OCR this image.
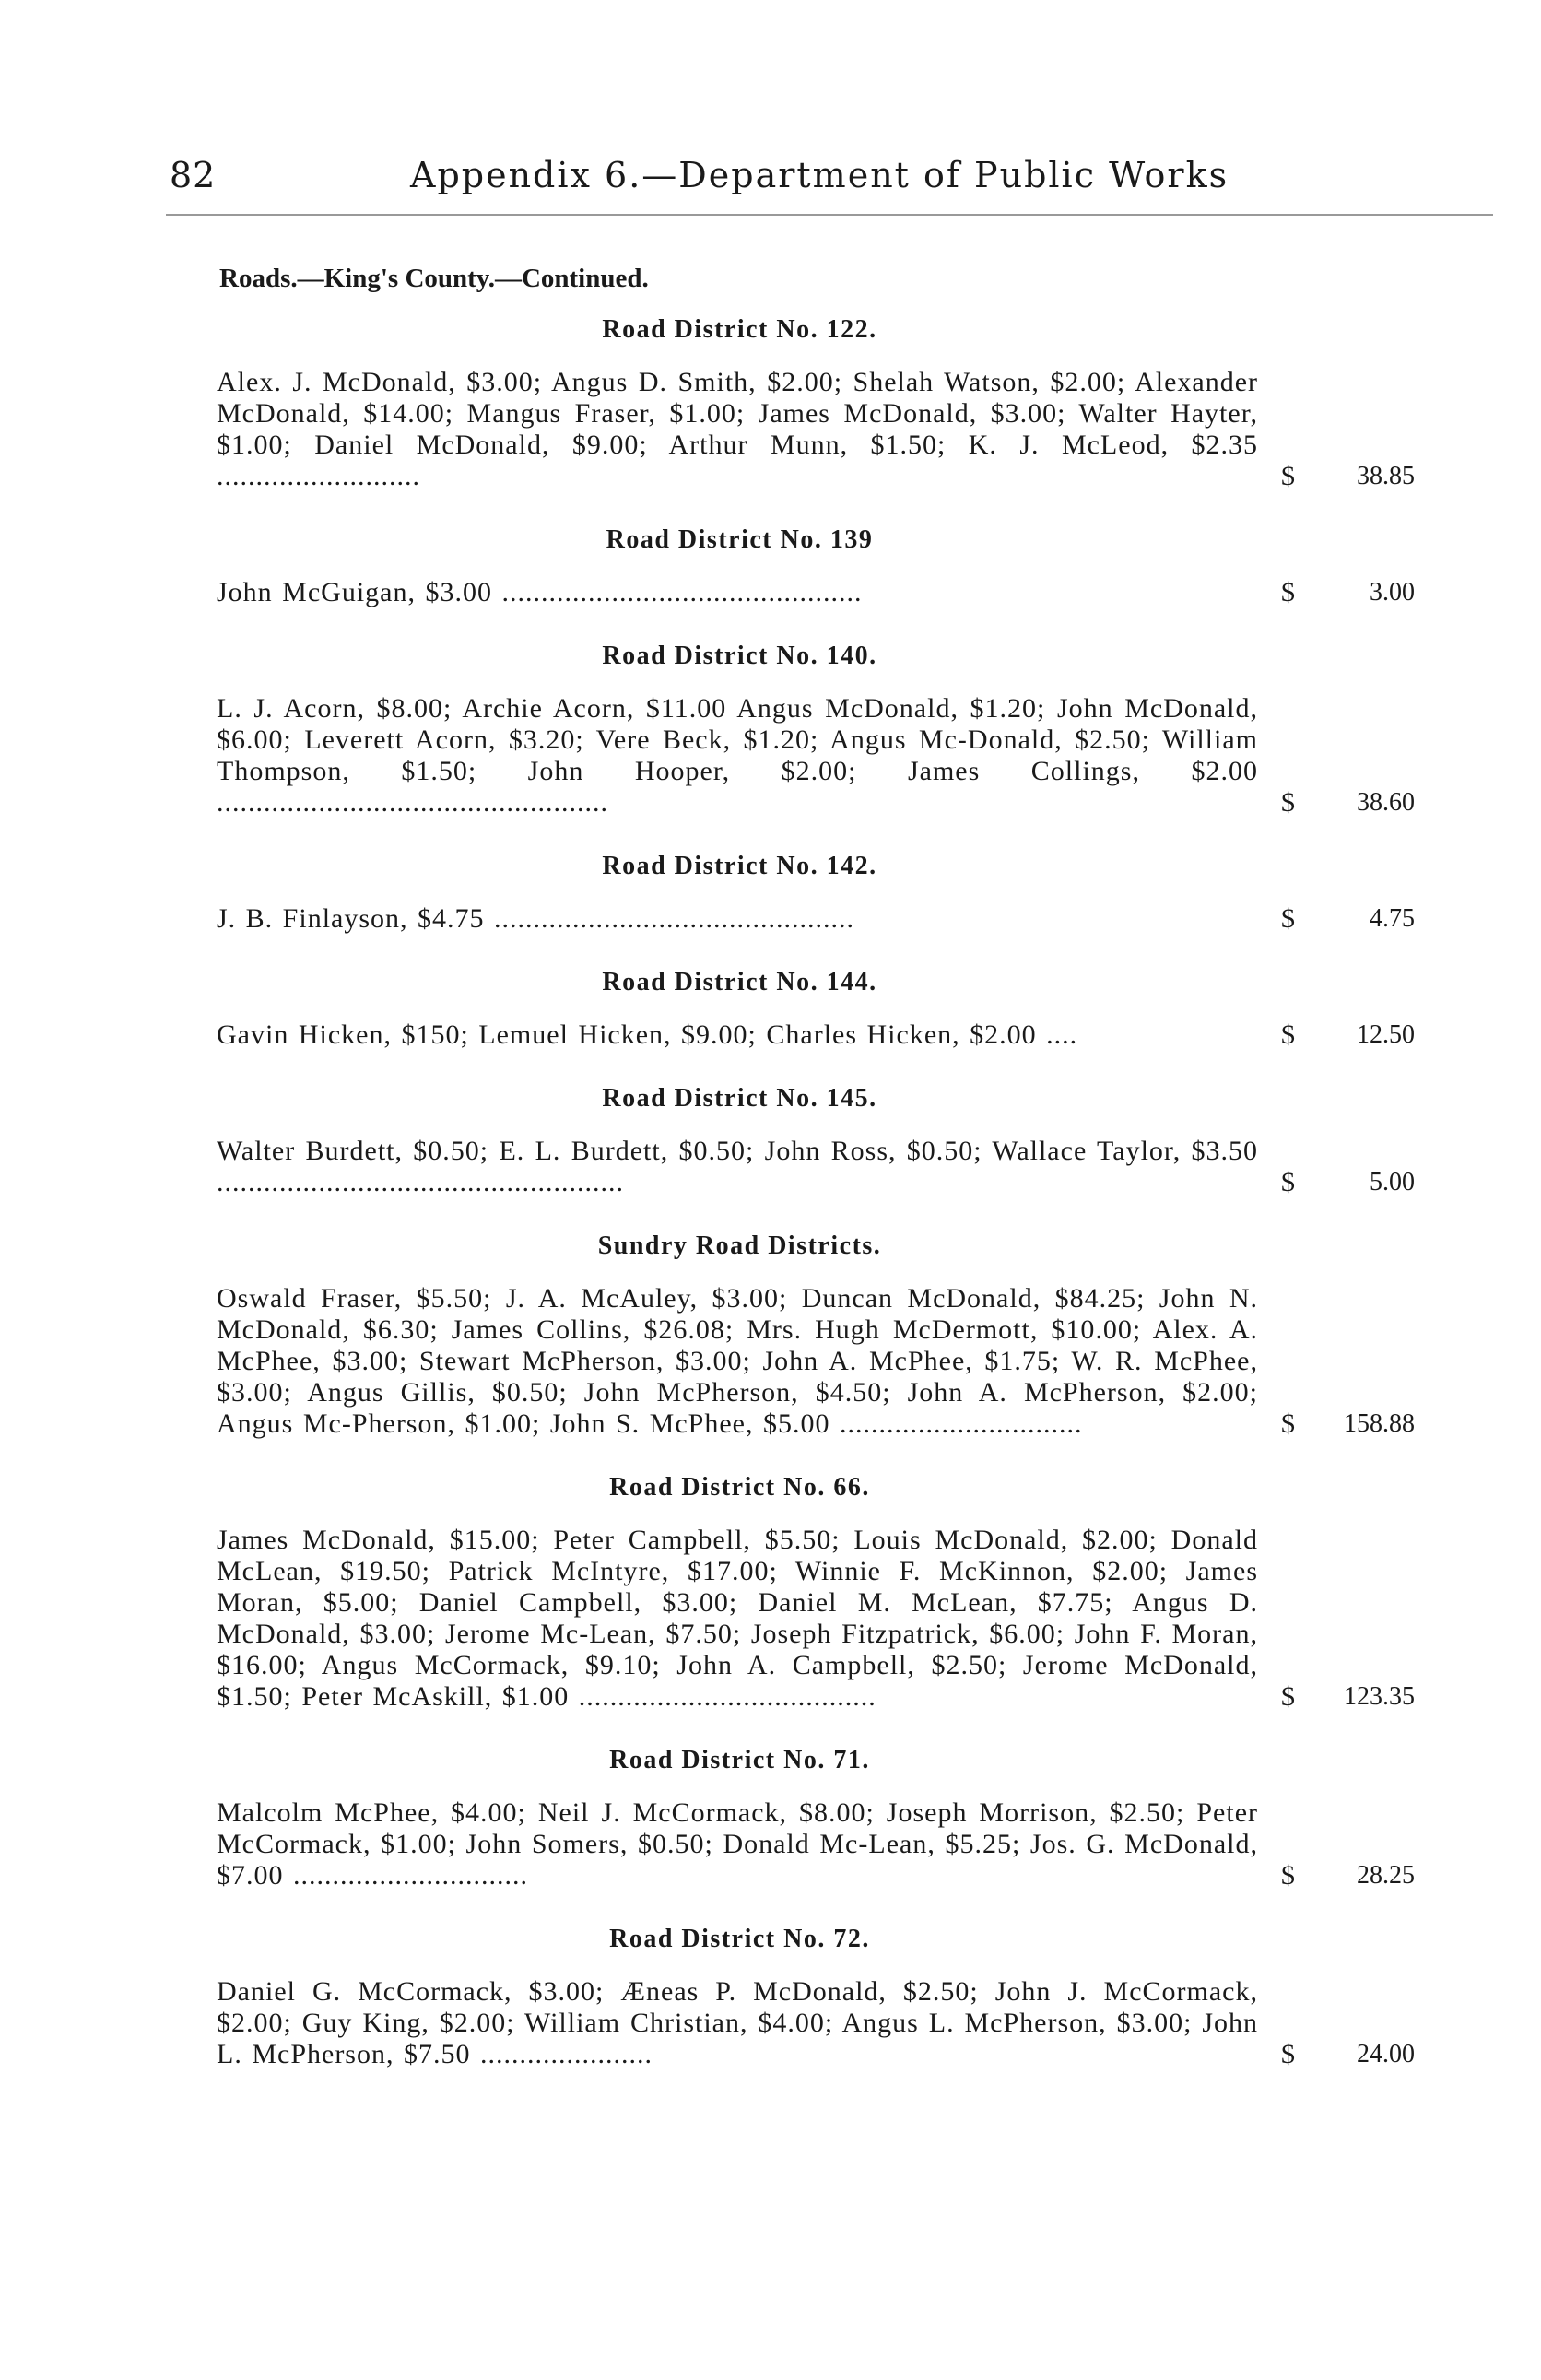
82	Appendix 6.—Department of Public Works
Roads.—King's County.—Continued.
Road District No. 122.
Alex. J. McDonald, $3.00; Angus D. Smith, $2.00; Shelah Watson, $2.00; Alexander McDonald, $14.00; Mangus Fraser, $1.00; James McDonald, $3.00; Walter Hayter, $1.00; Daniel McDonald, $9.00; Arthur Munn, $1.50; K. J. McLeod, $2.35 ..........................	$	38.85
Road District No. 139
John McGuigan, $3.00 ..............................................	$	3.00
Road District No. 140.
L. J. Acorn, $8.00; Archie Acorn, $11.00 Angus McDonald, $1.20; John McDonald, $6.00; Leverett Acorn, $3.20; Vere Beck, $1.20; Angus Mc-Donald, $2.50; William Thompson, $1.50; John Hooper, $2.00; James Collings, $2.00 ..................................................	$	38.60
Road District No. 142.
J. B. Finlayson, $4.75 ..............................................	$	4.75
Road District No. 144.
Gavin Hicken, $150; Lemuel Hicken, $9.00; Charles Hicken, $2.00 ....	$	12.50
Road District No. 145.
Walter Burdett, $0.50; E. L. Burdett, $0.50; John Ross, $0.50; Wallace Taylor, $3.50 ....................................................	$	5.00
Sundry Road Districts.
Oswald Fraser, $5.50; J. A. McAuley, $3.00; Duncan McDonald, $84.25; John N. McDonald, $6.30; James Collins, $26.08; Mrs. Hugh McDermott, $10.00; Alex. A. McPhee, $3.00; Stewart McPherson, $3.00; John A. McPhee, $1.75; W. R. McPhee, $3.00; Angus Gillis, $0.50; John McPherson, $4.50; John A. McPherson, $2.00; Angus Mc-Pherson, $1.00; John S. McPhee, $5.00 ...............................	$	158.88
Road District No. 66.
James McDonald, $15.00; Peter Campbell, $5.50; Louis McDonald, $2.00; Donald McLean, $19.50; Patrick McIntyre, $17.00; Winnie F. McKinnon, $2.00; James Moran, $5.00; Daniel Campbell, $3.00; Daniel M. McLean, $7.75; Angus D. McDonald, $3.00; Jerome Mc-Lean, $7.50; Joseph Fitzpatrick, $6.00; John F. Moran, $16.00; Angus McCormack, $9.10; John A. Campbell, $2.50; Jerome McDonald, $1.50; Peter McAskill, $1.00 ......................................	$	123.35
Road District No. 71.
Malcolm McPhee, $4.00; Neil J. McCormack, $8.00; Joseph Morrison, $2.50; Peter McCormack, $1.00; John Somers, $0.50; Donald Mc-Lean, $5.25; Jos. G. McDonald, $7.00 ..............................	$	28.25
Road District No. 72.
Daniel G. McCormack, $3.00; Æneas P. McDonald, $2.50; John J. McCormack, $2.00; Guy King, $2.00; William Christian, $4.00; Angus L. McPherson, $3.00; John L. McPherson, $7.50 ......................	$	24.00
